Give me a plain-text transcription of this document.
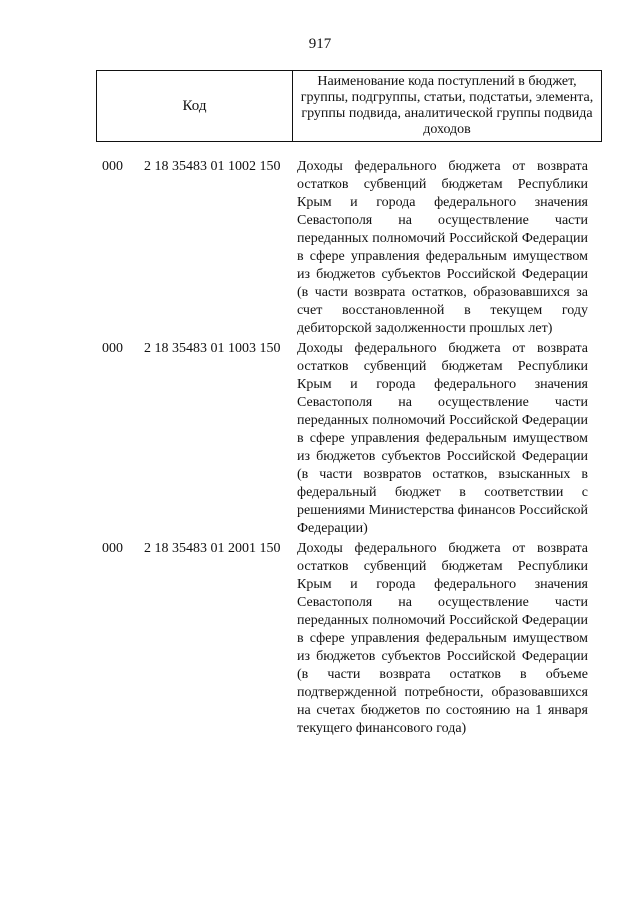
917
Код
Наименование кода поступлений в бюджет, группы, подгруппы, статьи, подстатьи, элемента, группы подвида, аналитической группы подвида доходов
000 2 18 35483 01 1002 150 Доходы федерального бюджета от возврата остатков субвенций бюджетам Республики Крым и города федерального значения Севастополя на осуществление части переданных полномочий Российской Федерации в сфере управления федеральным имуществом из бюджетов субъектов Российской Федерации (в части возврата остатков, образовавшихся за счет восстановленной в текущем году дебиторской задолженности прошлых лет)
000 2 18 35483 01 1003 150 Доходы федерального бюджета от возврата остатков субвенций бюджетам Республики Крым и города федерального значения Севастополя на осуществление части переданных полномочий Российской Федерации в сфере управления федеральным имуществом из бюджетов субъектов Российской Федерации (в части возвратов остатков, взысканных в федеральный бюджет в соответствии с решениями Министерства финансов Российской Федерации)
000 2 18 35483 01 2001 150 Доходы федерального бюджета от возврата остатков субвенций бюджетам Республики Крым и города федерального значения Севастополя на осуществление части переданных полномочий Российской Федерации в сфере управления федеральным имуществом из бюджетов субъектов Российской Федерации (в части возврата остатков в объеме подтвержденной потребности, образовавшихся на счетах бюджетов по состоянию на 1 января текущего финансового года)
